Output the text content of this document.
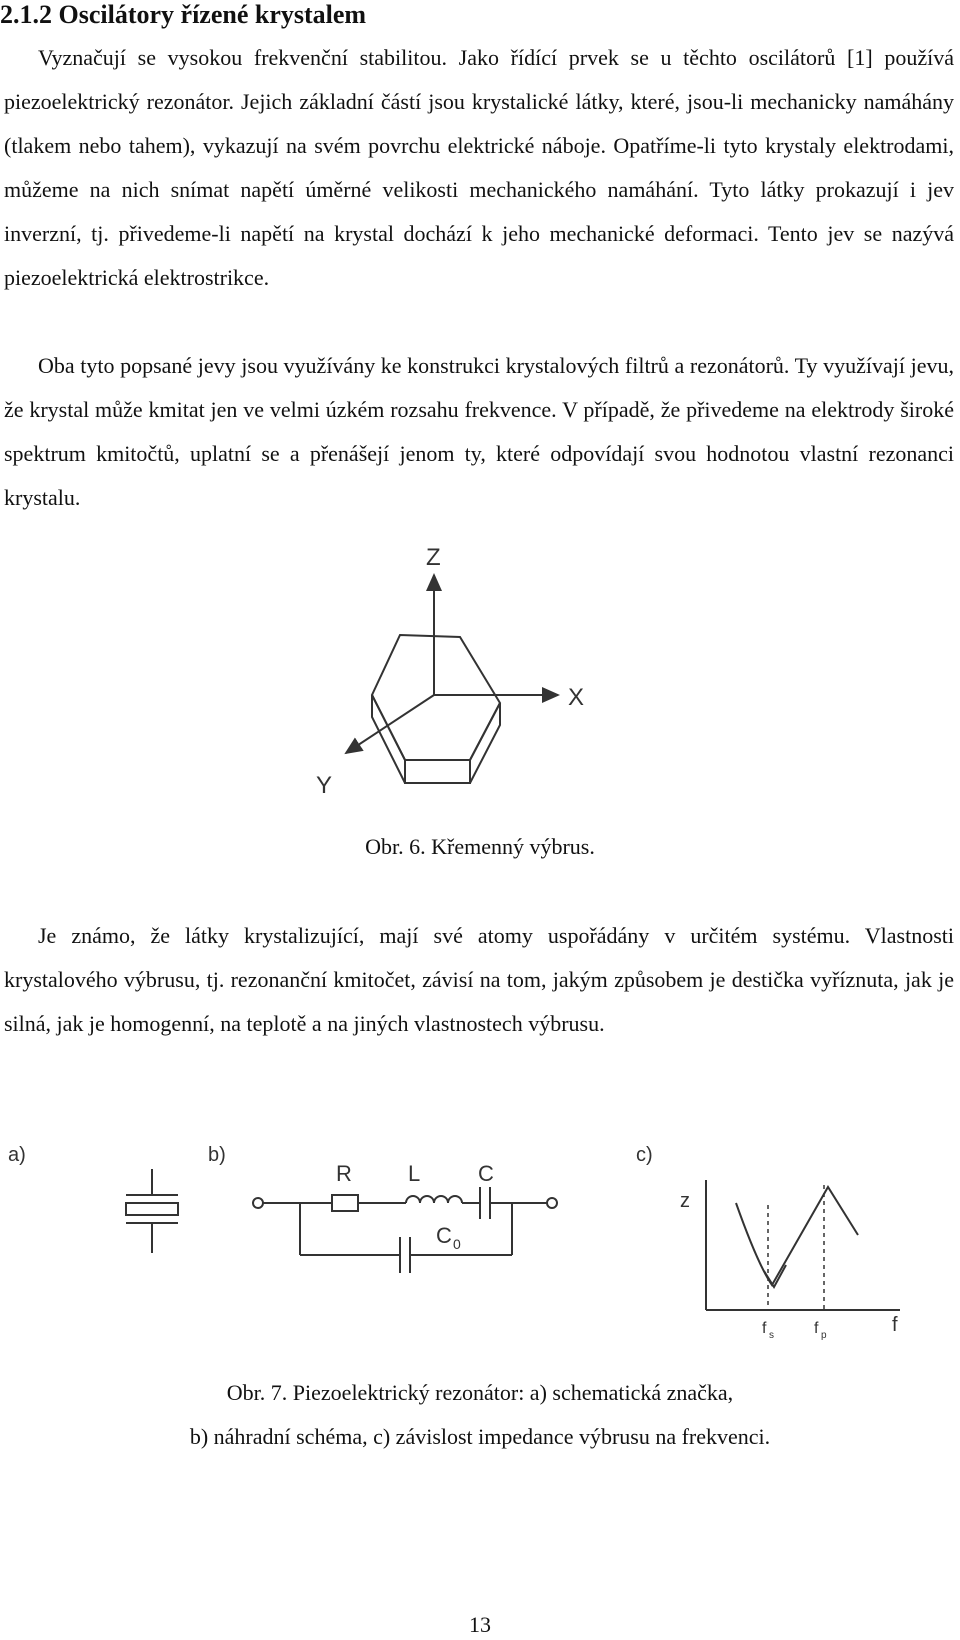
2.1.2 Oscilátory řízené krystalem

Vyznačují se vysokou frekvenční stabilitou. Jako řídící prvek se u těchto oscilátorů [1] používá piezoelektrický rezonátor. Jejich základní částí jsou krystalické látky, které, jsou-li mechanicky namáhány (tlakem nebo tahem), vykazují na svém povrchu elektrické náboje. Opatříme-li tyto krystaly elektrodami, můžeme na nich snímat napětí úměrné velikosti mechanického namáhání. Tyto látky prokazují i jev inverzní, tj. přivedeme-li napětí na krystal dochází k jeho mechanické deformaci. Tento jev se nazývá piezoelektrická elektrostrikce.

Oba tyto popsané jevy jsou využívány ke konstrukci krystalových filtrů a rezonátorů. Ty využívají jevu, že krystal může kmitat jen ve velmi úzkém rozsahu frekvence. V případě, že přivedeme na elektrody široké spektrum kmitočtů, uplatní se a přenášejí jenom ty, které odpovídají svou hodnotou vlastní rezonanci krystalu.

Z
X
Y
Obr. 6. Křemenný výbrus.

Je známo, že látky krystalizující, mají své atomy uspořádány v určitém systému. Vlastnosti krystalového výbrusu, tj. rezonanční kmitočet, závisí na tom, jakým způsobem je destička vyříznuta, jak je silná, jak je homogenní, na teplotě a na jiných vlastnostech výbrusu.

a)	b)	c)
R	L	C
C 0
z
f
f s	f p
Obr. 7. Piezoelektrický rezonátor: a) schematická značka,
b) náhradní schéma, c) závislost impedance výbrusu na frekvenci.
13
